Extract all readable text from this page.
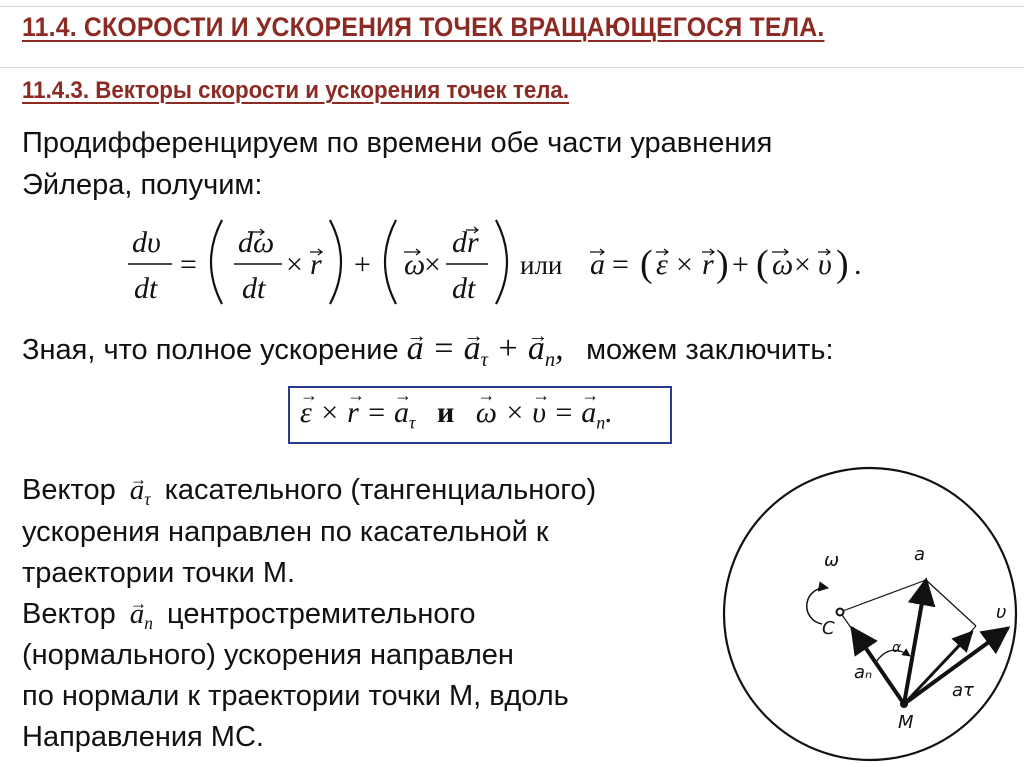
11.4. СКОРОСТИ И УСКОРЕНИЯ ТОЧЕК ВРАЩАЮЩЕГОСЯ ТЕЛА.
11.4.3. Векторы скорости и ускорения точек тела.
Продифференцируем по времени обе части уравнения
Эйлера, получим:
dυ
dt
=
dω
dt
× r + ω
×
dr
dt
или a = ( ε × r ) + ( ω × υ ) .
Зная, что полное ускорение → a = → $a_\tau$ + → $a_n$, можем заключить:
→ ε × → r = → $a_\tau$ и → ω × → υ = → $a_n$.
Вектор → $a_\tau$ касательного (тангенциального)
ускорения направлен по касательной к
траектории точки М.
Вектор → $a_n$ центростремительного
(нормального) ускорения направлен
по нормали к траектории точки М, вдоль
Направления МС.
ω
C
M
a
υ
aₙ
aτ
α
